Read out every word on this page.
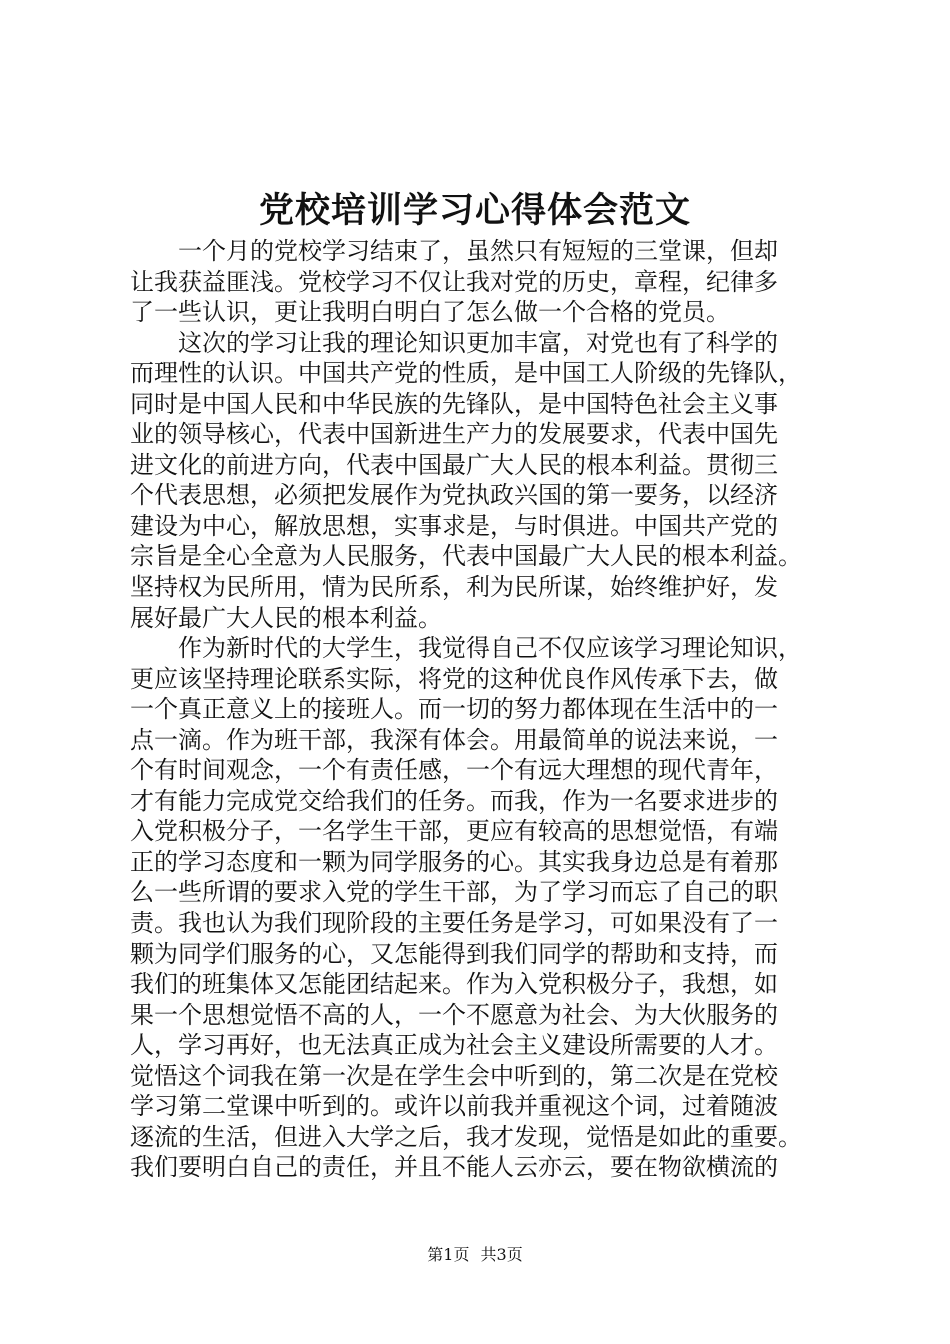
党校培训学习心得体会范文
　　一个月的党校学习结束了，虽然只有短短的三堂课，但却
让我获益匪浅。党校学习不仅让我对党的历史，章程，纪律多
了一些认识，更让我明白明白了怎么做一个合格的党员。
　　这次的学习让我的理论知识更加丰富，对党也有了科学的
而理性的认识。中国共产党的性质，是中国工人阶级的先锋队，
同时是中国人民和中华民族的先锋队，是中国特色社会主义事
业的领导核心，代表中国新进生产力的发展要求，代表中国先
进文化的前进方向，代表中国最广大人民的根本利益。贯彻三
个代表思想，必须把发展作为党执政兴国的第一要务，以经济
建设为中心，解放思想，实事求是，与时俱进。中国共产党的
宗旨是全心全意为人民服务，代表中国最广大人民的根本利益。
坚持权为民所用，情为民所系，利为民所谋，始终维护好，发
展好最广大人民的根本利益。
　　作为新时代的大学生，我觉得自己不仅应该学习理论知识，
更应该坚持理论联系实际，将党的这种优良作风传承下去，做
一个真正意义上的接班人。而一切的努力都体现在生活中的一
点一滴。作为班干部，我深有体会。用最简单的说法来说，一
个有时间观念，一个有责任感，一个有远大理想的现代青年，
才有能力完成党交给我们的任务。而我，作为一名要求进步的
入党积极分子，一名学生干部，更应有较高的思想觉悟，有端
正的学习态度和一颗为同学服务的心。其实我身边总是有着那
么一些所谓的要求入党的学生干部，为了学习而忘了自己的职
责。我也认为我们现阶段的主要任务是学习，可如果没有了一
颗为同学们服务的心，又怎能得到我们同学的帮助和支持，而
我们的班集体又怎能团结起来。作为入党积极分子，我想，如
果一个思想觉悟不高的人，一个不愿意为社会、为大伙服务的
人，学习再好，也无法真正成为社会主义建设所需要的人才。
觉悟这个词我在第一次是在学生会中听到的，第二次是在党校
学习第二堂课中听到的。或许以前我并重视这个词，过着随波
逐流的生活，但进入大学之后，我才发现，觉悟是如此的重要。
我们要明白自己的责任，并且不能人云亦云，要在物欲横流的
第1页 共3页
